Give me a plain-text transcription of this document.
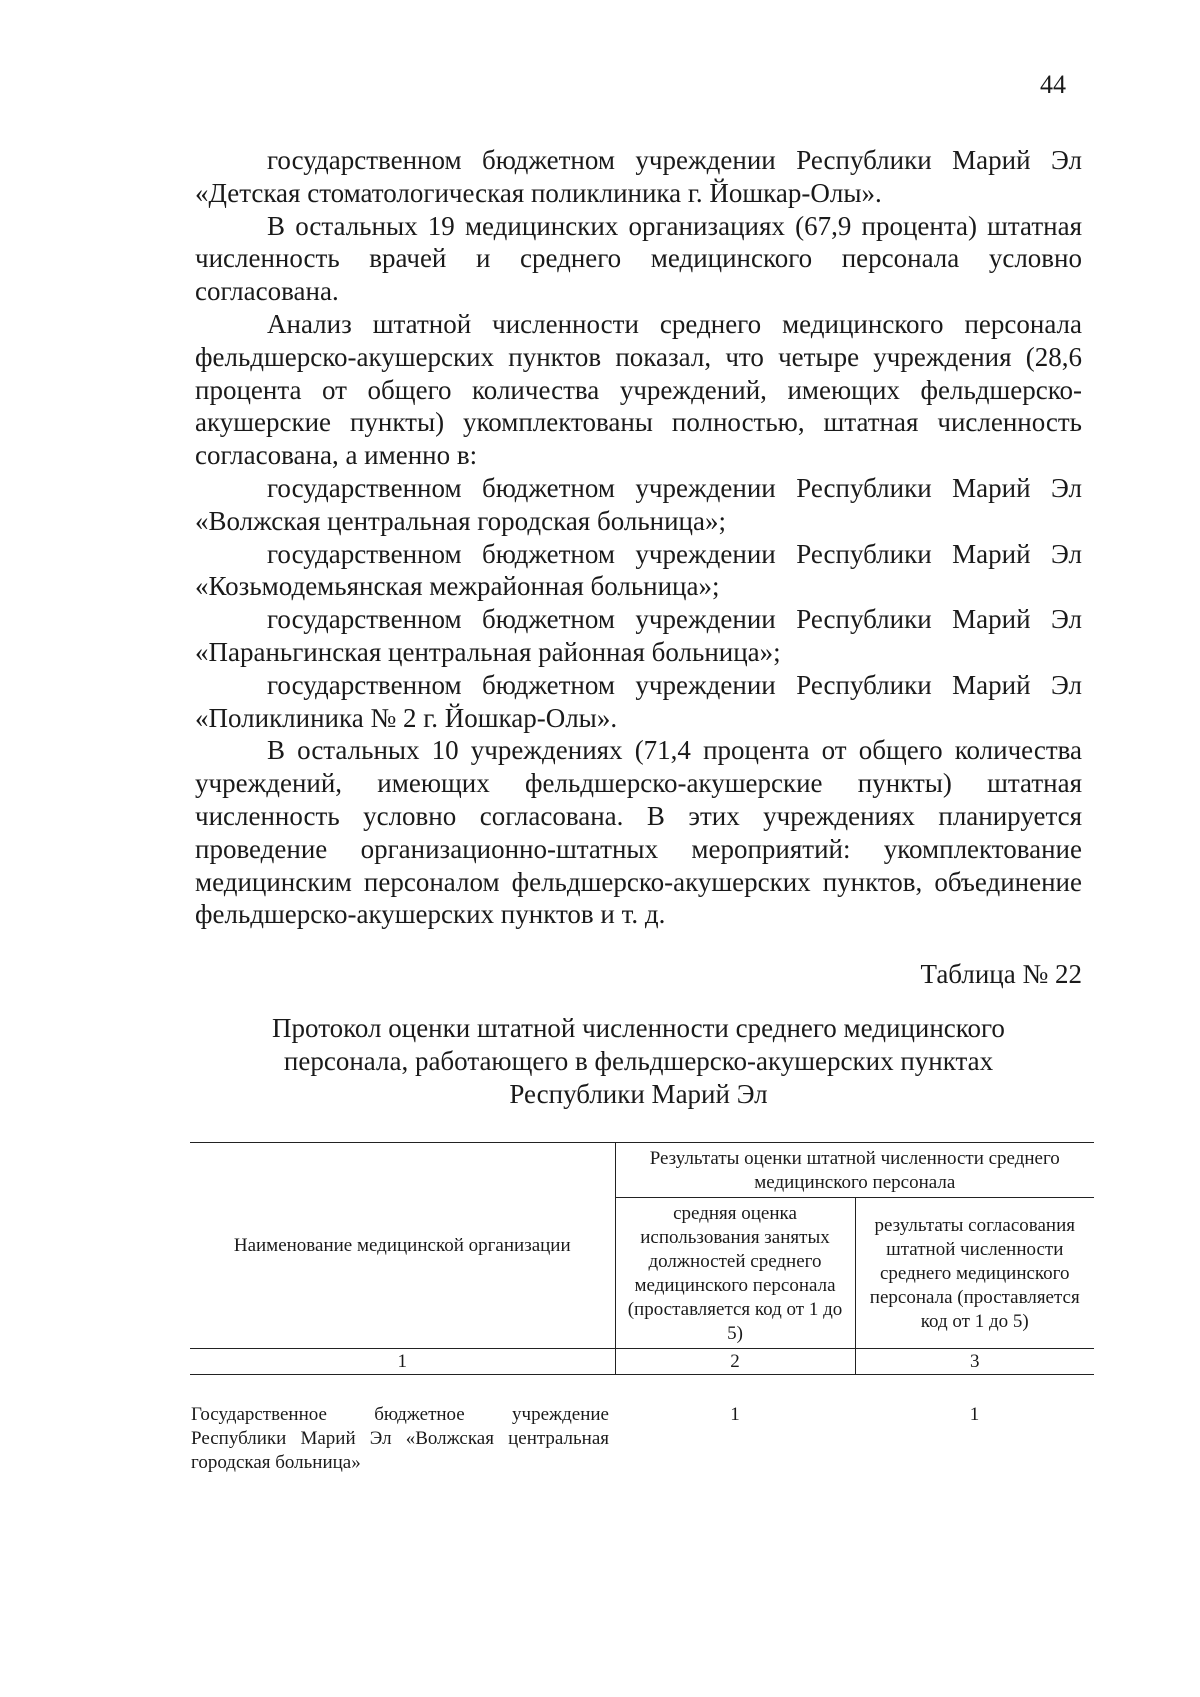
44

государственном бюджетном учреждении Республики Марий Эл «Детская стоматологическая поликлиника г. Йошкар-Олы».

В остальных 19 медицинских организациях (67,9 процента) штатная численность врачей и среднего медицинского персонала условно согласована.

Анализ штатной численности среднего медицинского персонала фельдшерско-акушерских пунктов показал, что четыре учреждения (28,6 процента от общего количества учреждений, имеющих фельдшерско-акушерские пункты) укомплектованы полностью, штатная численность согласована, а именно в:

государственном бюджетном учреждении Республики Марий Эл «Волжская центральная городская больница»;

государственном бюджетном учреждении Республики Марий Эл «Козьмодемьянская межрайонная больница»;

государственном бюджетном учреждении Республики Марий Эл «Параньгинская центральная районная больница»;

государственном бюджетном учреждении Республики Марий Эл «Поликлиника № 2 г. Йошкар-Олы».

В остальных 10 учреждениях (71,4 процента от общего количества учреждений, имеющих фельдшерско-акушерские пункты) штатная численность условно согласована. В этих учреждениях планируется проведение организационно-штатных мероприятий: укомплектование медицинским персоналом фельдшерско-акушерских пунктов, объединение фельдшерско-акушерских пунктов и т. д.

Таблица № 22
Протокол оценки штатной численности среднего медицинского
персонала, работающего в фельдшерско-акушерских пунктах
Республики Марий Эл
Наименование медицинской организации	Результаты оценки штатной численности среднего медицинского персонала	
	средняя оценка использования занятых должностей среднего медицинского персонала (проставляется код от 1 до 5)	результаты согласования штатной численности среднего медицинского персонала (проставляется код от 1 до 5)
1	2	3
Государственное бюджетное учреждение Республики Марий Эл «Волжская центральная городская больница»	1	1
